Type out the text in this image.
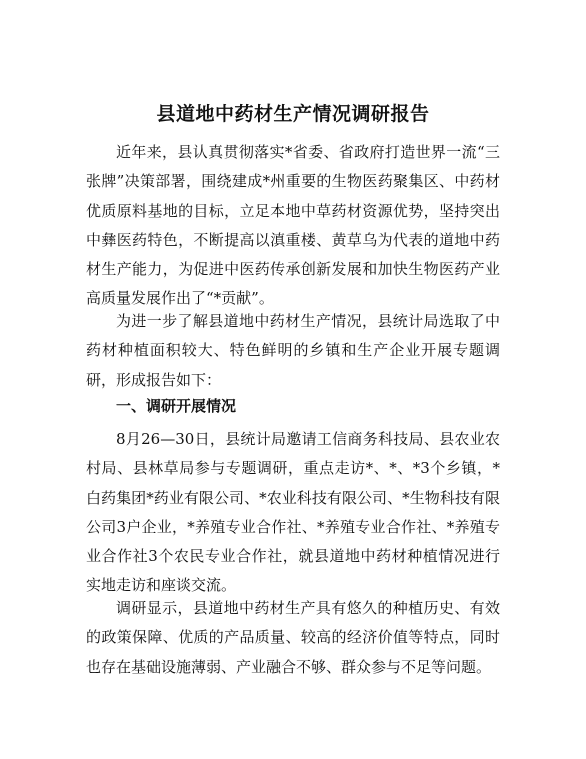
县道地中药材生产情况调研报告

近年来，县认真贯彻落实*省委、省政府打造世界一流“三张牌”决策部署，围绕建成*州重要的生物医药聚集区、中药材优质原料基地的目标，立足本地中草药材资源优势，坚持突出中彝医药特色，不断提高以滇重楼、黄草乌为代表的道地中药材生产能力，为促进中医药传承创新发展和加快生物医药产业高质量发展作出了“*贡献”。

为进一步了解县道地中药材生产情况，县统计局选取了中药材种植面积较大、特色鲜明的乡镇和生产企业开展专题调研，形成报告如下：

一、调研开展情况

8月26—30日，县统计局邀请工信商务科技局、县农业农村局、县林草局参与专题调研，重点走访*、*、*3个乡镇，*白药集团*药业有限公司、*农业科技有限公司、*生物科技有限公司3户企业，*养殖专业合作社、*养殖专业合作社、*养殖专业合作社3个农民专业合作社，就县道地中药材种植情况进行实地走访和座谈交流。

调研显示，县道地中药材生产具有悠久的种植历史、有效的政策保障、优质的产品质量、较高的经济价值等特点，同时也存在基础设施薄弱、产业融合不够、群众参与不足等问题。
